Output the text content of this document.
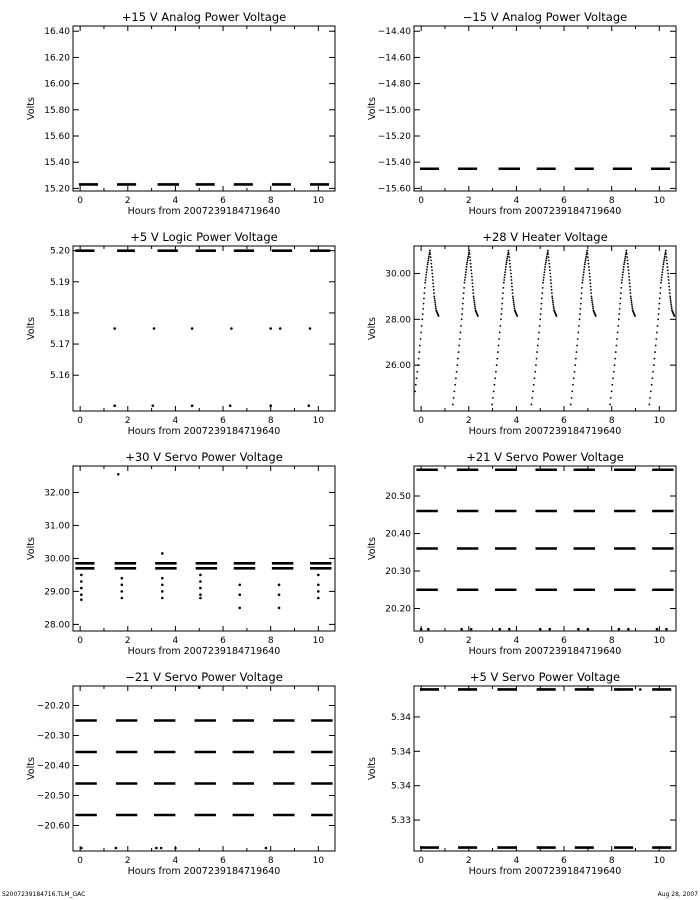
+15 V Analog Power Voltage
0	2	4	6	8	10
15.20
15.40
15.60
15.80
16.00
16.20
16.40
Hours from 2007239184719640
Volts
−15 V Analog Power Voltage
0	2	4	6	8	10
−14.40
−14.60
−14.80
−15.00
−15.20
−15.40
−15.60
Hours from 2007239184719640
Volts
+5 V Logic Power Voltage
0	2	4	6	8	10
5.16
5.17
5.18
5.19
5.20
Hours from 2007239184719640
Volts
+28 V Heater Voltage
0	2	4	6	8	10
26.00
28.00
30.00
Hours from 2007239184719640
Volts
+30 V Servo Power Voltage
0	2	4	6	8	10
28.00
29.00
30.00
31.00
32.00
Hours from 2007239184719640
Volts
+21 V Servo Power Voltage
0	2	4	6	8	10
20.20
20.30
20.40
20.50
Hours from 2007239184719640
Volts
−21 V Servo Power Voltage
0	2	4	6	8	10
−20.20
−20.30
−20.40
−20.50
−20.60
Hours from 2007239184719640
Volts
+5 V Servo Power Voltage
0	2	4	6	8	10
5.33
5.34
5.34
5.34
Hours from 2007239184719640
Volts
S2007239184716.TLM_GAC	Aug 28, 2007
